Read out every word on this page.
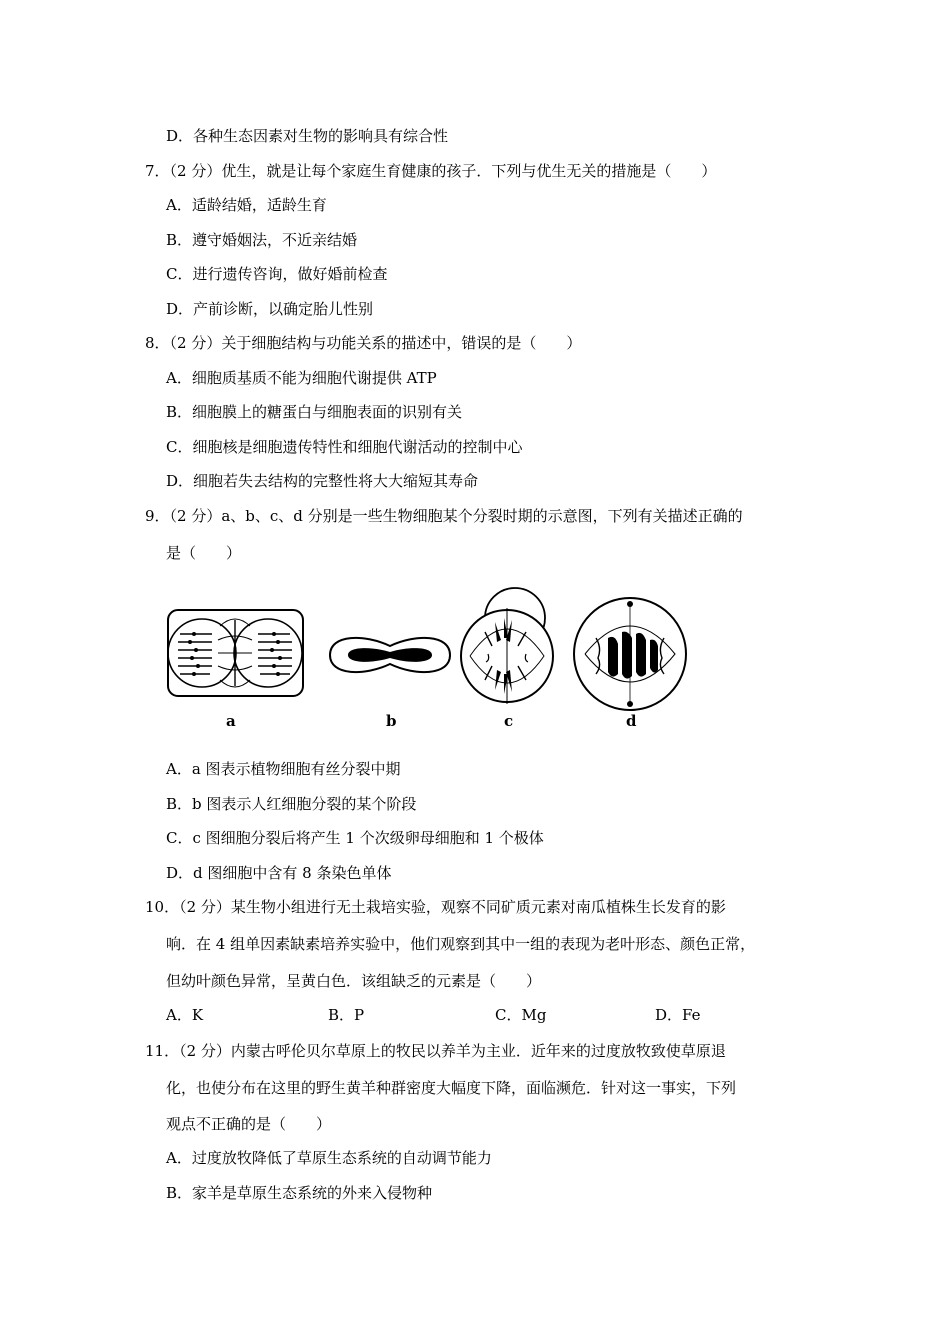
D．各种生态因素对生物的影响具有综合性
7．（2 分）优生，就是让每个家庭生育健康的孩子．下列与优生无关的措施是（　　）
A．适龄结婚，适龄生育
B．遵守婚姻法，不近亲结婚
C．进行遗传咨询，做好婚前检查
D．产前诊断，以确定胎儿性别
8．（2 分）关于细胞结构与功能关系的描述中，错误的是（　　）
A．细胞质基质不能为细胞代谢提供 ATP
B．细胞膜上的糖蛋白与细胞表面的识别有关
C．细胞核是细胞遗传特性和细胞代谢活动的控制中心
D．细胞若失去结构的完整性将大大缩短其寿命
9．（2 分）a、b、c、d 分别是一些生物细胞某个分裂时期的示意图，下列有关描述正确的
是（　　）
a	b	c	d
A．a 图表示植物细胞有丝分裂中期
B．b 图表示人红细胞分裂的某个阶段
C．c 图细胞分裂后将产生 1 个次级卵母细胞和 1 个极体
D．d 图细胞中含有 8 条染色单体
10．（2 分）某生物小组进行无土栽培实验，观察不同矿质元素对南瓜植株生长发育的影
响．在 4 组单因素缺素培养实验中，他们观察到其中一组的表现为老叶形态、颜色正常，
但幼叶颜色异常，呈黄白色．该组缺乏的元素是（　　）
A．K	B．P	C．Mg	D．Fe
11．（2 分）内蒙古呼伦贝尔草原上的牧民以养羊为主业．近年来的过度放牧致使草原退
化，也使分布在这里的野生黄羊种群密度大幅度下降，面临濒危．针对这一事实，下列
观点不正确的是（　　）
A．过度放牧降低了草原生态系统的自动调节能力
B．家羊是草原生态系统的外来入侵物种
